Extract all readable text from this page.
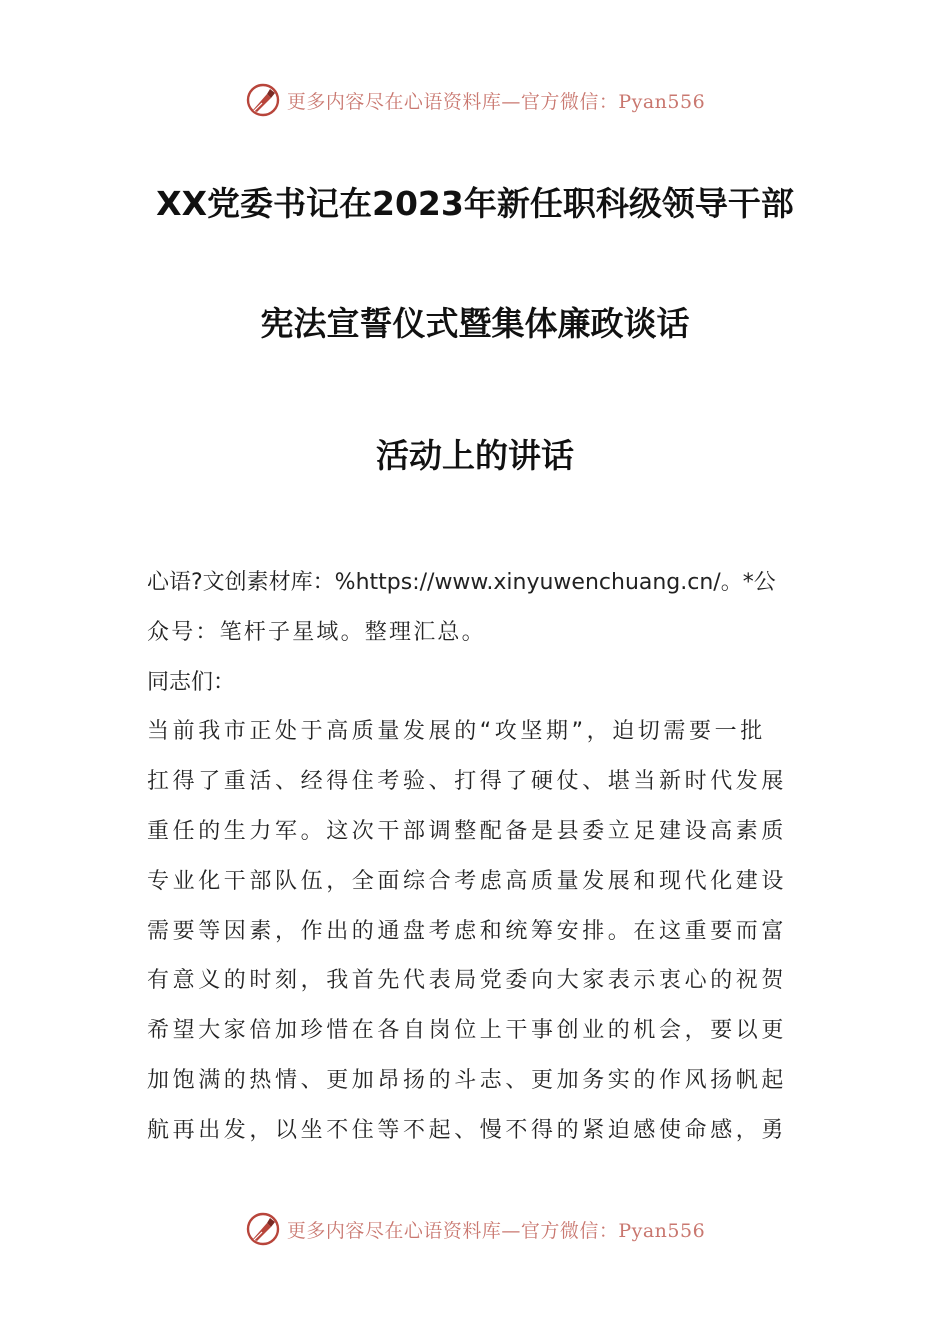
更多内容尽在心语资料库—官方微信：Pyan556
XX党委书记在2023年新任职科级领导干部
宪法宣誓仪式暨集体廉政谈话
活动上的讲话

心语?文创素材库：%https://www.xinyuwenchuang.cn/。*公

众号：笔杆子星域。整理汇总。

同志们：

当前我市正处于高质量发展的“攻坚期”，迫切需要一批

扛得了重活、经得住考验、打得了硬仗、堪当新时代发展

重任的生力军。这次干部调整配备是县委立足建设高素质

专业化干部队伍，全面综合考虑高质量发展和现代化建设

需要等因素，作出的通盘考虑和统筹安排。在这重要而富

有意义的时刻，我首先代表局党委向大家表示衷心的祝贺

希望大家倍加珍惜在各自岗位上干事创业的机会，要以更

加饱满的热情、更加昂扬的斗志、更加务实的作风扬帆起

航再出发，以坐不住等不起、慢不得的紧迫感使命感，勇

更多内容尽在心语资料库—官方微信：Pyan556
